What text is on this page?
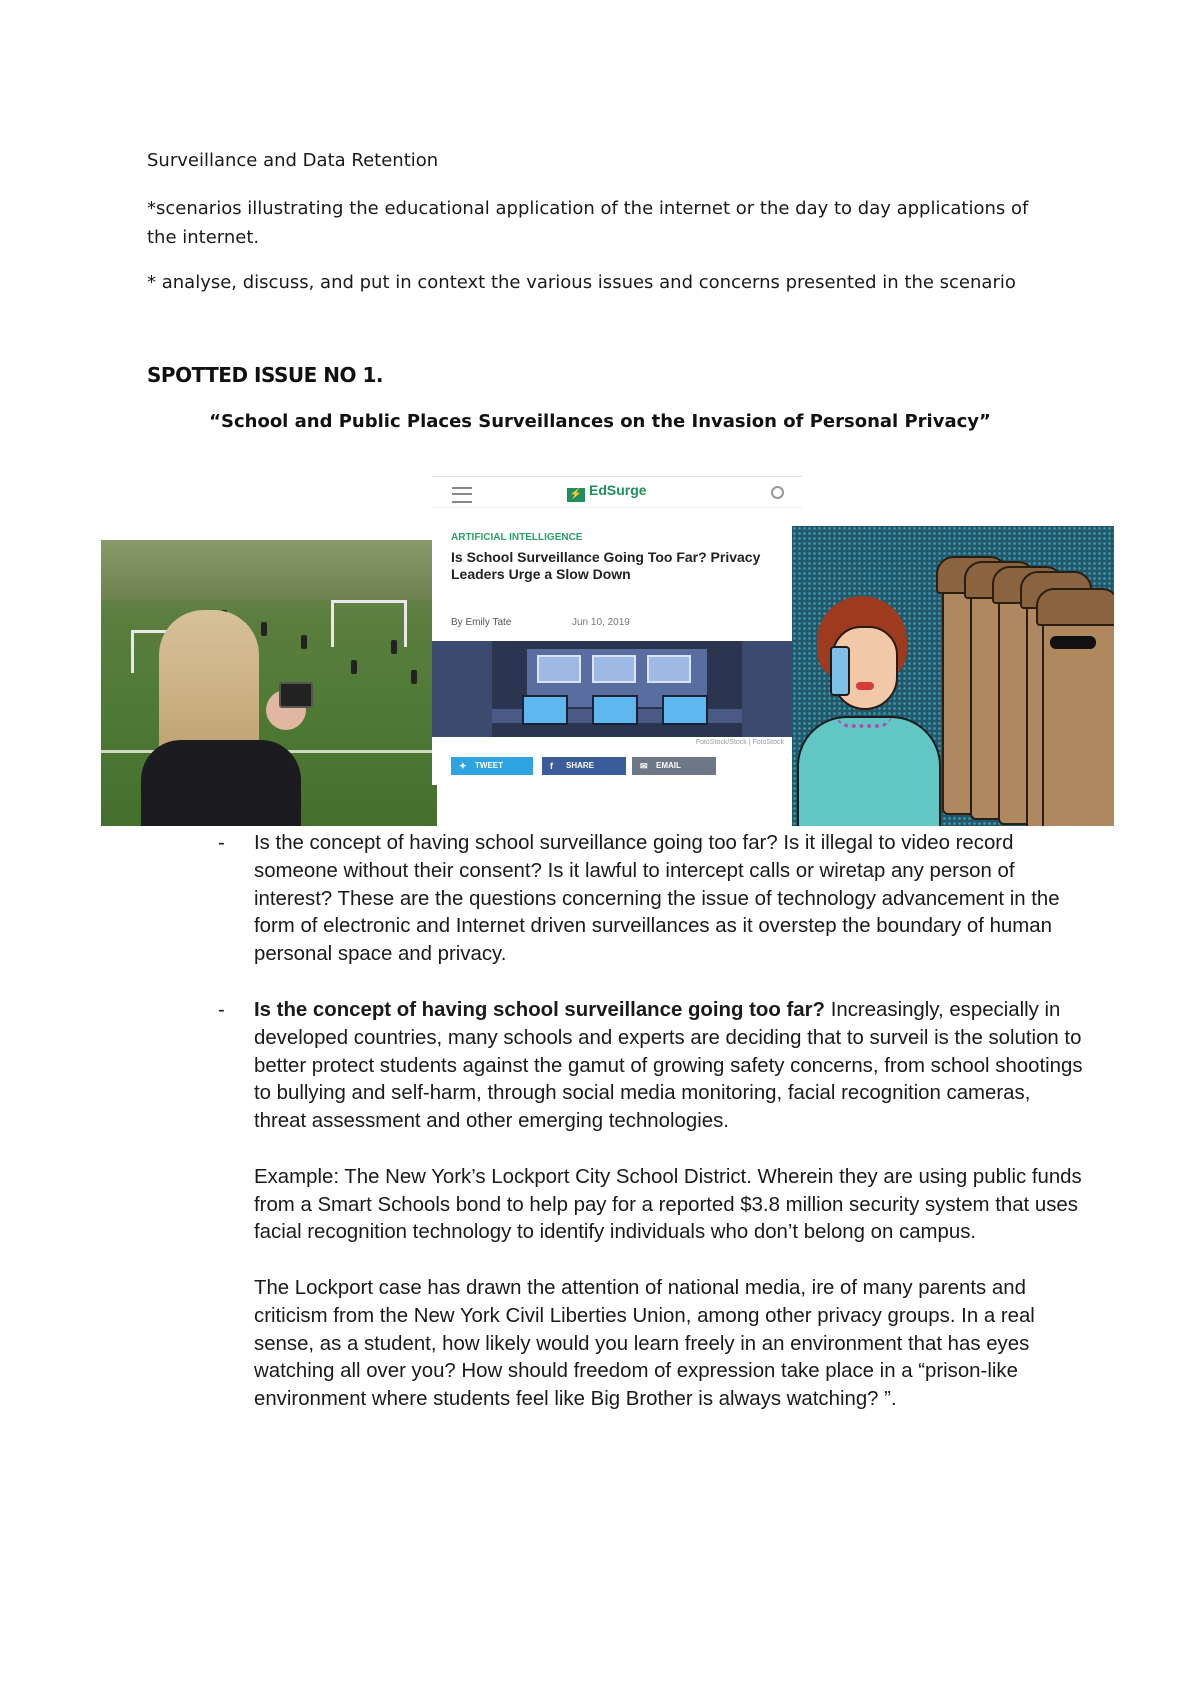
Surveillance and Data Retention

*scenarios illustrating the educational application of the internet or the day to day applications of the internet.

* analyse, discuss, and put in context the various issues and concerns presented in the scenario

SPOTTED ISSUE NO 1.
“School and Public Places Surveillances on the Invasion of Personal Privacy”
⚡ EdSurge
ARTIFICIAL INTELLIGENCE
Is School Surveillance Going Too Far? Privacy Leaders Urge a Slow Down
By Emily Tate	Jun 10, 2019
FotoStock/Stock | FotoStock
✦ TWEET	f SHARE	✉ EMAIL
- Is the concept of having school surveillance going too far? Is it illegal to video record someone without their consent? Is it lawful to intercept calls or wiretap any person of interest? These are the questions concerning the issue of technology advancement in the form of electronic and Internet driven surveillances as it overstep the boundary of human personal space and privacy.

- Is the concept of having school surveillance going too far? Increasingly, especially in developed countries, many schools and experts are deciding that to surveil is the solution to better protect students against the gamut of growing safety concerns, from school shootings to bullying and self-harm, through social media monitoring, facial recognition cameras, threat assessment and other emerging technologies.

Example: The New York’s Lockport City School District. Wherein they are using public funds from a Smart Schools bond to help pay for a reported $3.8 million security system that uses facial recognition technology to identify individuals who don’t belong on campus.

The Lockport case has drawn the attention of national media, ire of many parents and criticism from the New York Civil Liberties Union, among other privacy groups. In a real sense, as a student, how likely would you learn freely in an environment that has eyes watching all over you? How should freedom of expression take place in a “prison-like environment where students feel like Big Brother is always watching? ”.
